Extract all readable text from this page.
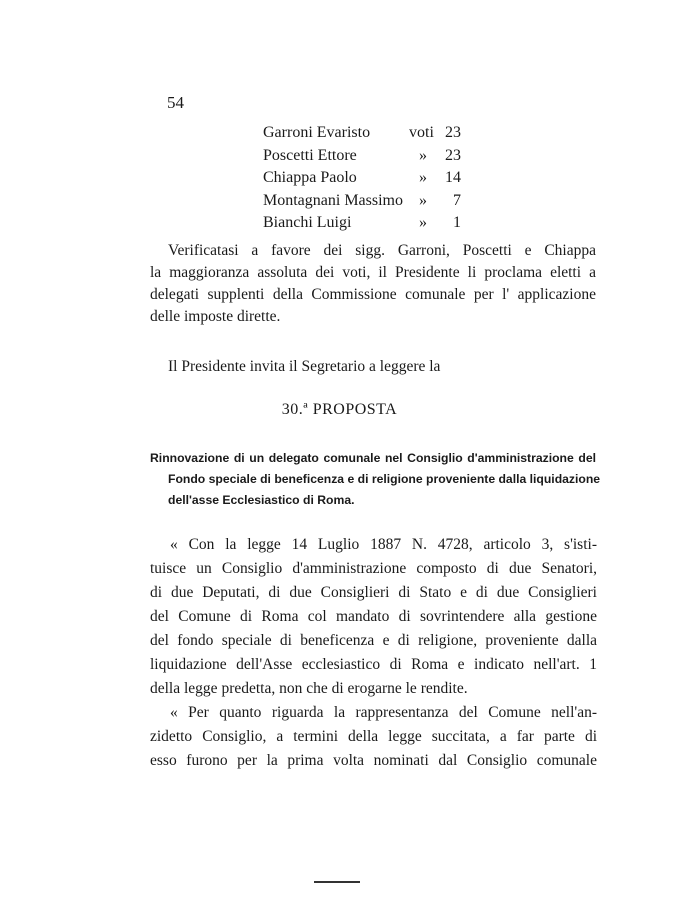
54
Garroni Evaristo voti 23
Poscetti Ettore	»	23
Chiappa Paolo	»	14
Montagnani Massimo	»	7
Bianchi Luigi	»	1
Verificatasi a favore dei sigg. Garroni, Poscetti e Chiappa
la maggioranza assoluta dei voti, il Presidente li proclama eletti a
delegati supplenti della Commissione comunale per l' applicazione
delle imposte dirette.
Il Presidente invita il Segretario a leggere la
30.ª PROPOSTA
Rinnovazione di un delegato comunale nel Consiglio d'amministrazione del
Fondo speciale di beneficenza e di religione proveniente dalla liquidazione
dell'asse Ecclesiastico di Roma.
« Con la legge 14 Luglio 1887 N. 4728, articolo 3, s'isti-
tuisce un Consiglio d'amministrazione composto di due Senatori,
di due Deputati, di due Consiglieri di Stato e di due Consiglieri
del Comune di Roma col mandato di sovrintendere alla gestione
del fondo speciale di beneficenza e di religione, proveniente dalla
liquidazione dell'Asse ecclesiastico di Roma e indicato nell'art. 1
della legge predetta, non che di erogarne le rendite.
« Per quanto riguarda la rappresentanza del Comune nell'an-
zidetto Consiglio, a termini della legge succitata, a far parte di
esso furono per la prima volta nominati dal Consiglio comunale
